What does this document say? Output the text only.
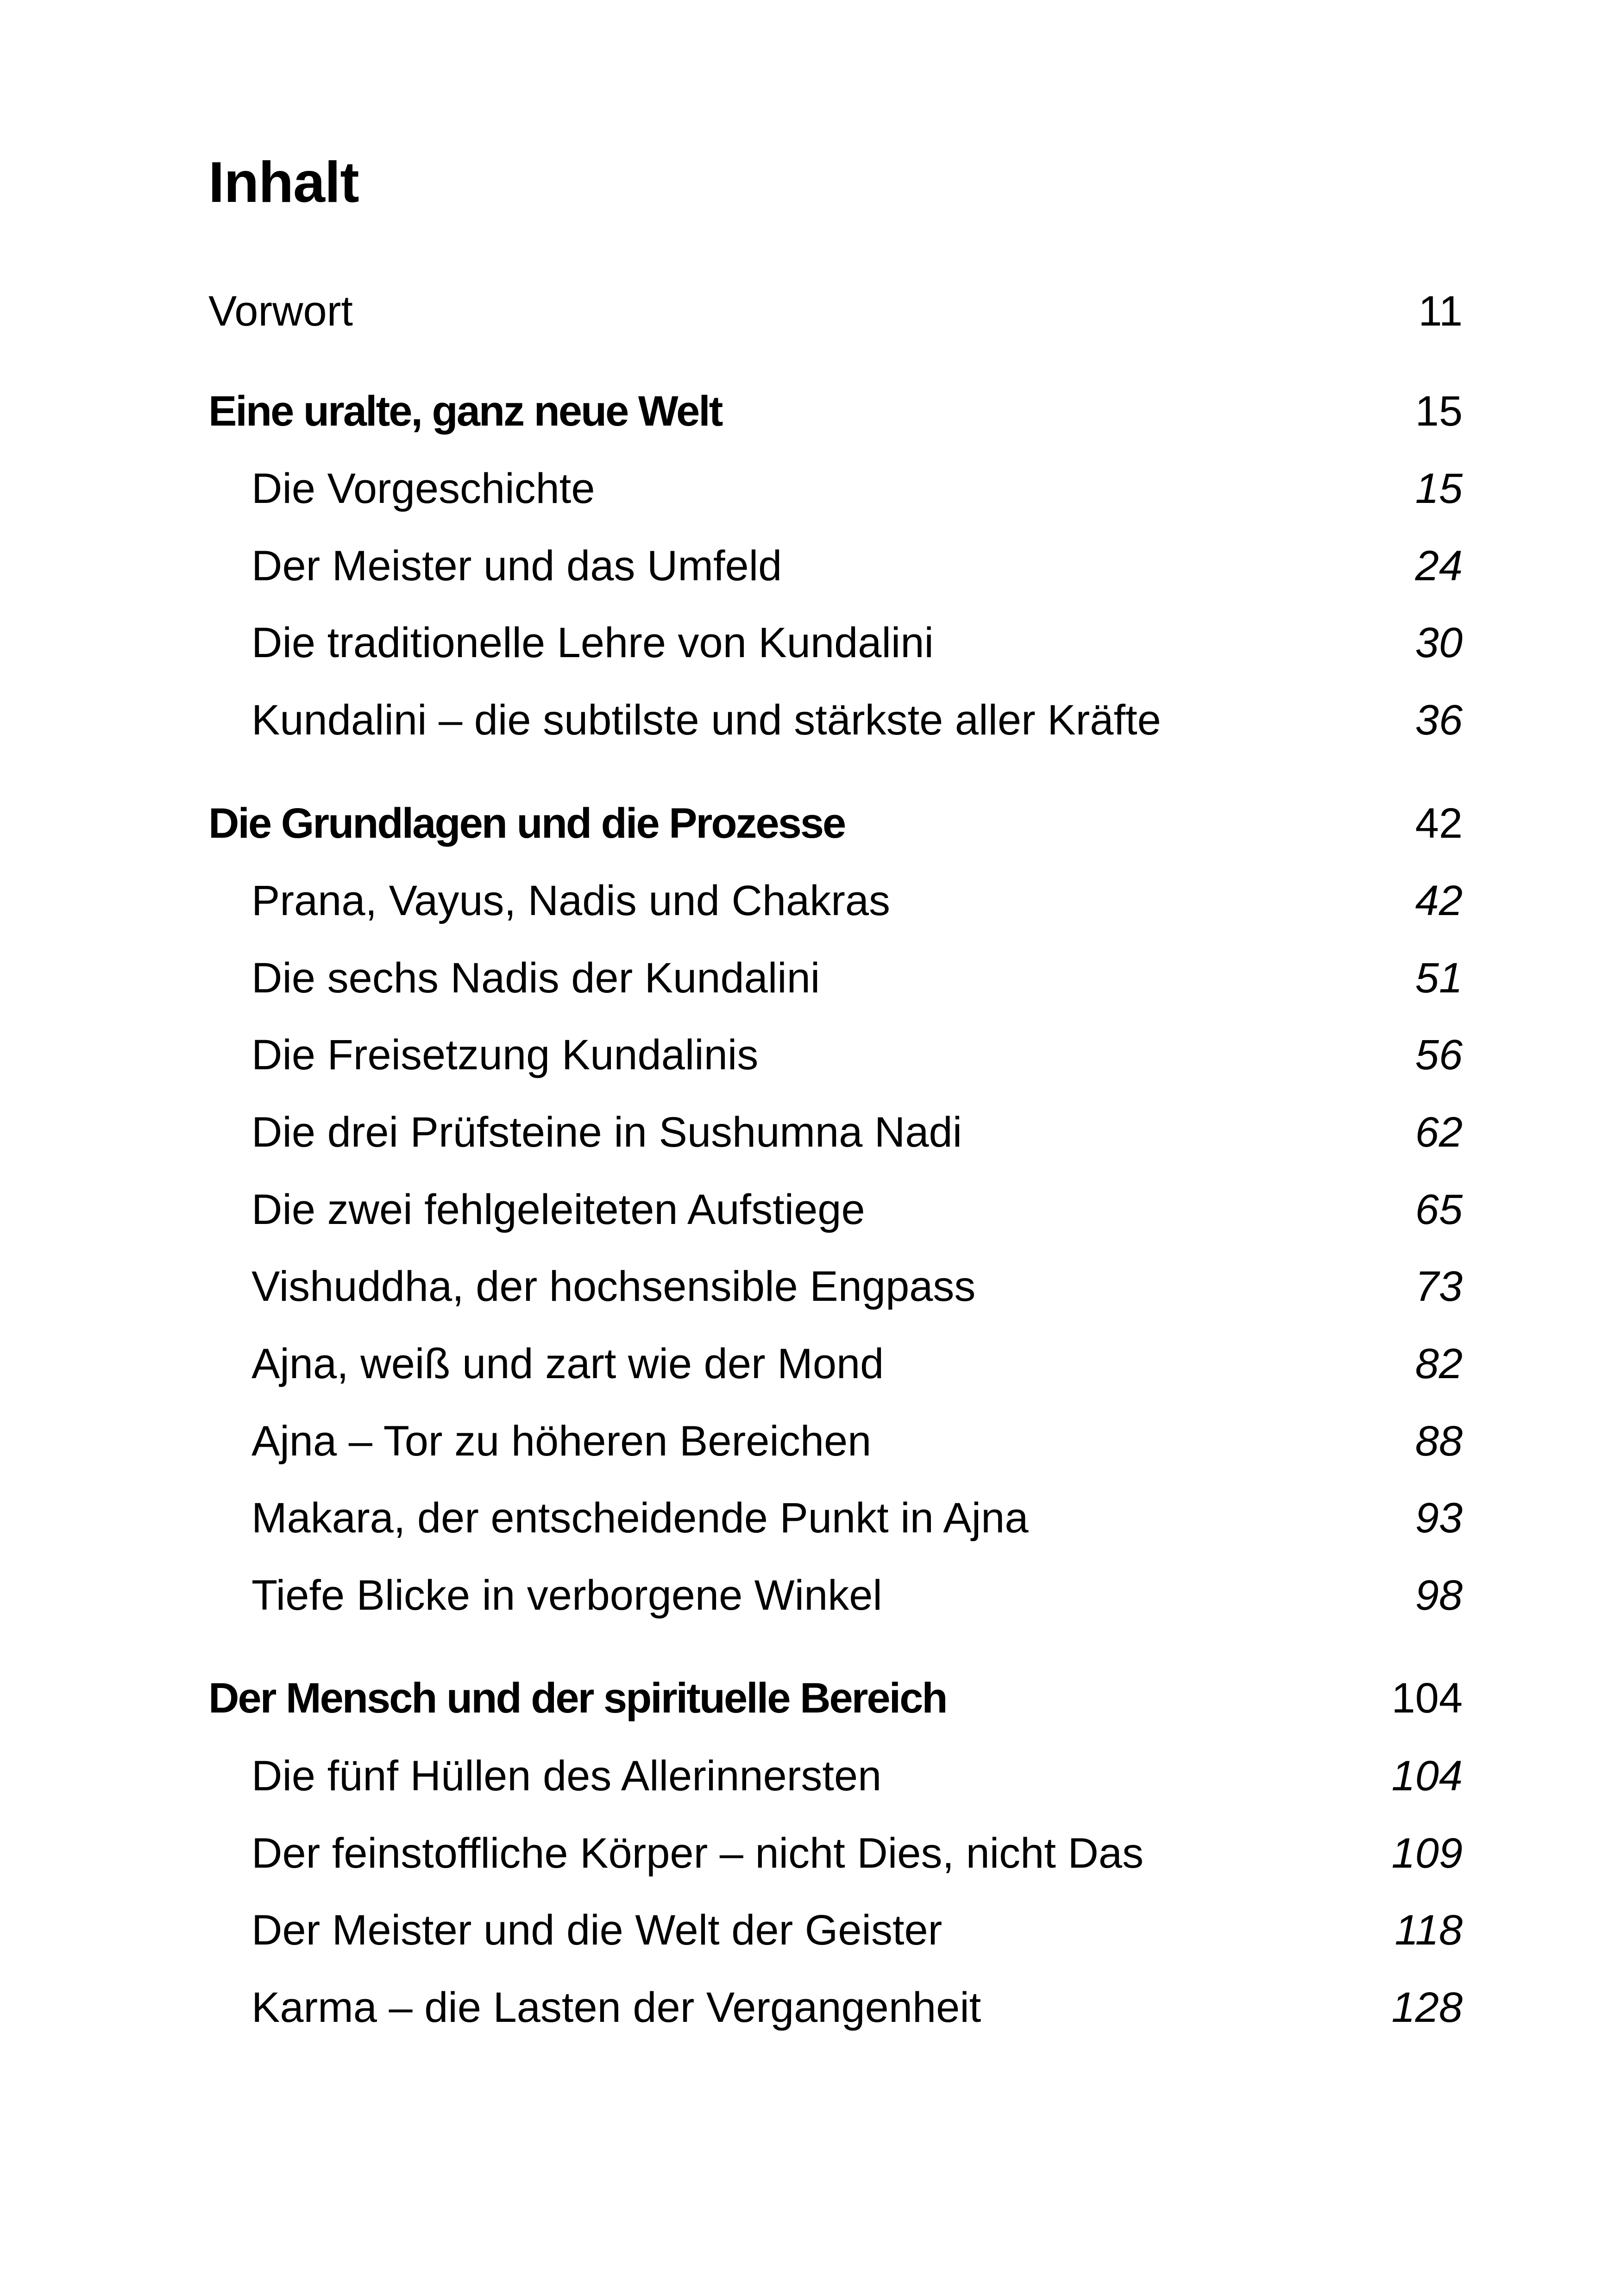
Inhalt
Vorwort	11
Eine uralte, ganz neue Welt	15
Die Vorgeschichte	15
Der Meister und das Umfeld	24
Die traditionelle Lehre von Kundalini	30
Kundalini – die subtilste und stärkste aller Kräfte	36
Die Grundlagen und die Prozesse	42
Prana, Vayus, Nadis und Chakras	42
Die sechs Nadis der Kundalini	51
Die Freisetzung Kundalinis	56
Die drei Prüfsteine in Sushumna Nadi	62
Die zwei fehlgeleiteten Aufstiege	65
Vishuddha, der hochsensible Engpass	73
Ajna, weiß und zart wie der Mond	82
Ajna – Tor zu höheren Bereichen	88
Makara, der entscheidende Punkt in Ajna	93
Tiefe Blicke in verborgene Winkel	98
Der Mensch und der spirituelle Bereich	104
Die fünf Hüllen des Allerinnersten	104
Der feinstoffliche Körper – nicht Dies, nicht Das	109
Der Meister und die Welt der Geister	118
Karma – die Lasten der Vergangenheit	128
